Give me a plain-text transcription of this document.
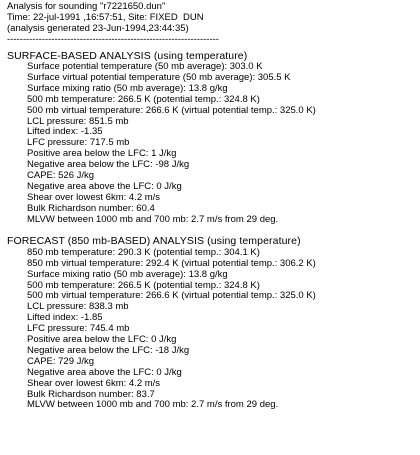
Analysis for sounding "r7221650.dun"
Time: 22-jul-1991 ,16:57:51, Site: FIXED  DUN
(analysis generated 23-Jun-1994,23:44:35)
-------------------------------------------------------------------
SURFACE-BASED ANALYSIS (using temperature)
Surface potential temperature (50 mb average): 303.0 K
Surface virtual potential temperature (50 mb average): 305.5 K
Surface mixing ratio (50 mb average): 13.8 g/kg
500 mb temperature: 266.5 K (potential temp.: 324.8 K)
500 mb virtual temperature: 266.6 K (virtual potential temp.: 325.0 K)
LCL pressure: 851.5 mb
Lifted index: -1.35
LFC pressure: 717.5 mb
Positive area below the LFC: 1 J/kg
Negative area below the LFC: -98 J/kg
CAPE: 526 J/kg
Negative area above the LFC: 0 J/kg
Shear over lowest 6km: 4.2 m/s
Bulk Richardson number: 60.4
MLVW between 1000 mb and 700 mb: 2.7 m/s from 29 deg.
FORECAST (850 mb-BASED) ANALYSIS (using temperature)
850 mb temperature: 290.3 K (potential temp.: 304.1 K)
850 mb virtual temperature: 292.4 K (virtual potential temp.: 306.2 K)
Surface mixing ratio (50 mb average): 13.8 g/kg
500 mb temperature: 266.5 K (potential temp.: 324.8 K)
500 mb virtual temperature: 266.6 K (virtual potential temp.: 325.0 K)
LCL pressure: 838.3 mb
Lifted index: -1.85
LFC pressure: 745.4 mb
Positive area below the LFC: 0 J/kg
Negative area below the LFC: -18 J/kg
CAPE: 729 J/kg
Negative area above the LFC: 0 J/kg
Shear over lowest 6km: 4.2 m/s
Bulk Richardson number: 83.7
MLVW between 1000 mb and 700 mb: 2.7 m/s from 29 deg.
